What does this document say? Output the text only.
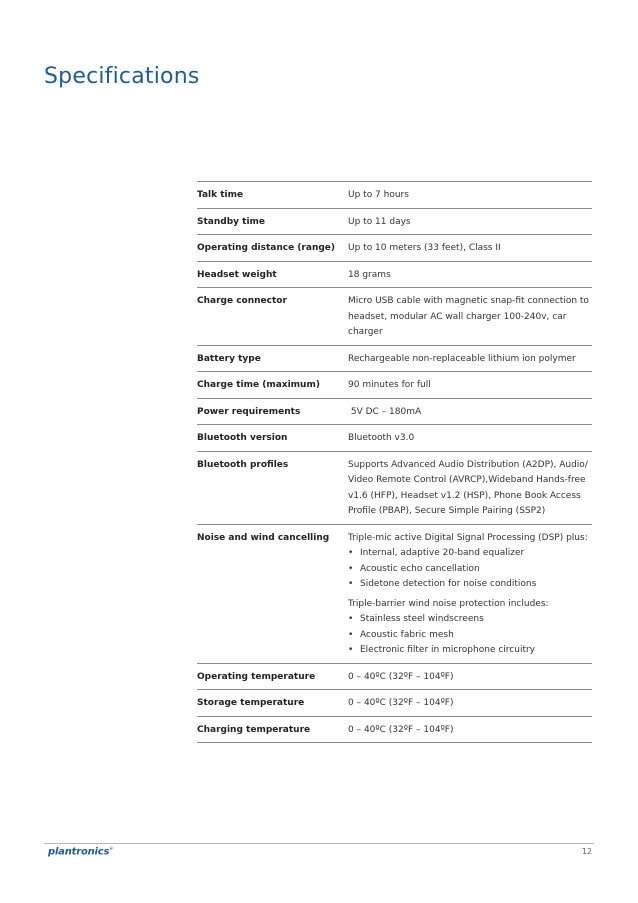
Specifications
Talk time	Up to 7 hours
Standby time	Up to 11 days
Operating distance (range)	Up to 10 meters (33 feet), Class II
Headset weight	18 grams
Charge connector	Micro USB cable with magnetic snap-fit connection to headset, modular AC wall charger 100-240v, car charger
Battery type	Rechargeable non-replaceable lithium ion polymer
Charge time (maximum)	90 minutes for full
Power requirements	5V DC – 180mA
Bluetooth version	Bluetooth v3.0
Bluetooth profiles	Supports Advanced Audio Distribution (A2DP), Audio/ Video Remote Control (AVRCP),Wideband Hands-free v1.6 (HFP), Headset v1.2 (HSP), Phone Book Access Profile (PBAP), Secure Simple Pairing (SSP2)
Noise and wind cancelling	Triple-mic active Digital Signal Processing (DSP) plus:

• Internal, adaptive 20-band equalizer
• Acoustic echo cancellation
• Sidetone detection for noise conditions

Triple-barrier wind noise protection includes:

• Stainless steel windscreens
• Acoustic fabric mesh
• Electronic filter in microphone circuitry
Operating temperature	0 – 40ºC (32ºF – 104ºF)
Storage temperature	0 – 40ºC (32ºF – 104ºF)
Charging temperature	0 – 40ºC (32ºF – 104ºF)
plantronics®	12
